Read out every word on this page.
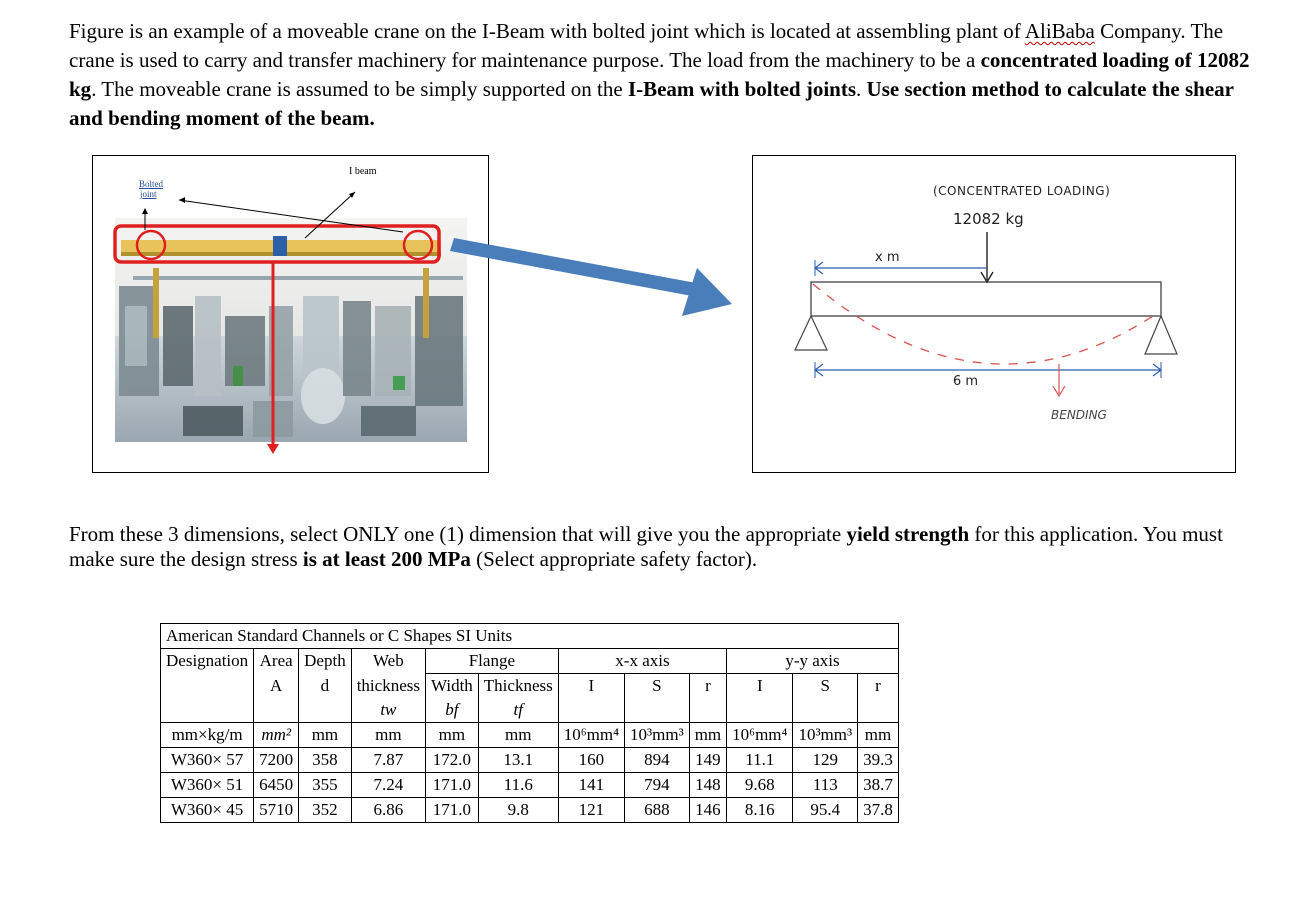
Figure is an example of a moveable crane on the I-Beam with bolted joint which is located at assembling plant of AliBaba Company. The crane is used to carry and transfer machinery for maintenance purpose. The load from the machinery to be a concentrated loading of 12082 kg. The moveable crane is assumed to be simply supported on the I-Beam with bolted joints. Use section method to calculate the shear and bending moment of the beam.
I beam
Bolted
joint	(CONCENTRATED LOADING)
12082 kg
x m
6 m
BENDING
From these 3 dimensions, select ONLY one (1) dimension that will give you the appropriate yield strength for this application. You must make sure the design stress is at least 200 MPa (Select appropriate safety factor).
American Standard Channels or C Shapes SI Units											
Designation	Area	Depth	Web	Flange		x-x axis			y-y axis		
	A	d	thickness	Width	Thickness	I	S	r	I	S	r
			tw	bf	tf						
mm×kg/m	mm²	mm	mm	mm	mm	10⁶mm⁴	10³mm³	mm	10⁶mm⁴	10³mm³	mm
W360× 57	7200	358	7.87	172.0	13.1	160	894	149	11.1	129	39.3
W360× 51	6450	355	7.24	171.0	11.6	141	794	148	9.68	113	38.7
W360× 45	5710	352	6.86	171.0	9.8	121	688	146	8.16	95.4	37.8
